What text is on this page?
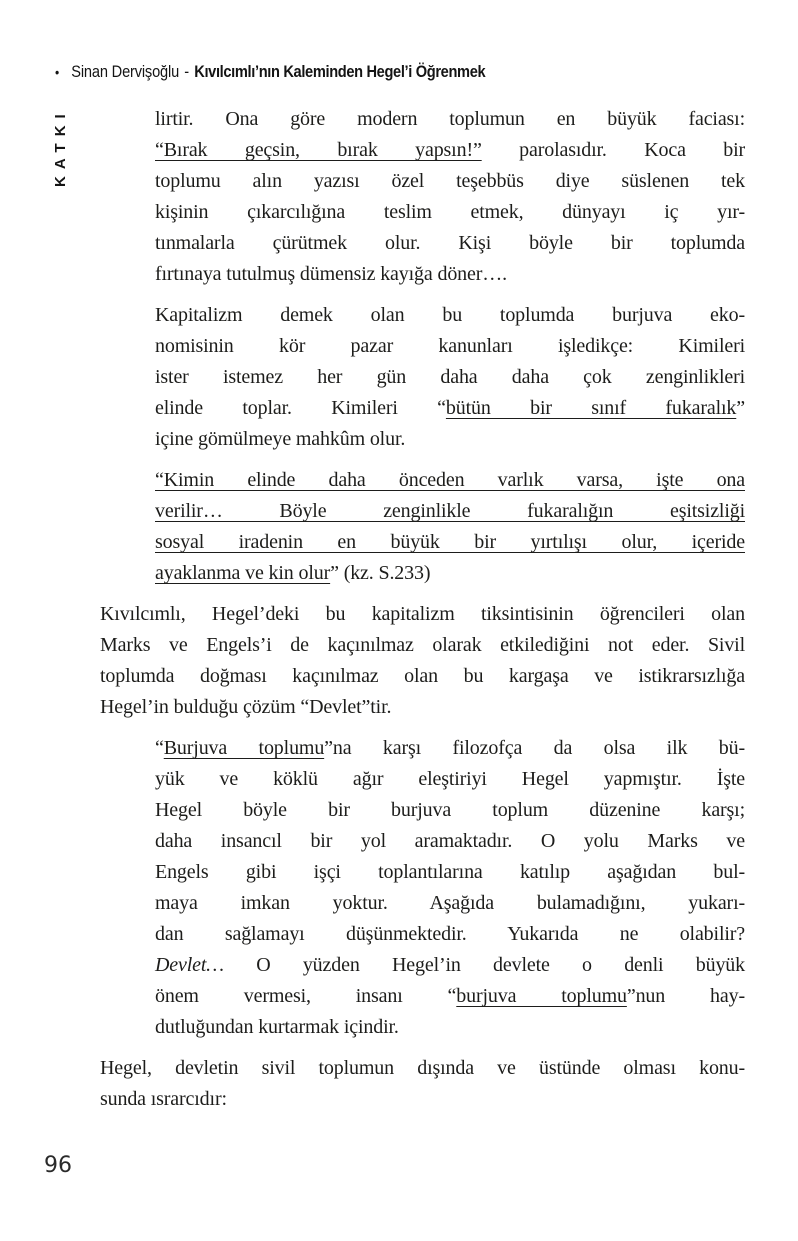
• Sinan Dervişoğlu - Kıvılcımlı’nın Kaleminden Hegel’i Öğrenmek
KATKI	lirtir. Ona göre modern toplumun en büyük faciası:
“Bırak geçsin, bırak yapsın!” parolasıdır. Koca bir
toplumu alın yazısı özel teşebbüs diye süslenen tek
kişinin çıkarcılığına teslim etmek, dünyayı iç yır-
tınmalarla çürütmek olur. Kişi böyle bir toplumda
fırtınaya tutulmuş dümensiz kayığa döner….
Kapitalizm demek olan bu toplumda burjuva eko-
nomisinin kör pazar kanunları işledikçe: Kimileri
ister istemez her gün daha daha çok zenginlikleri
elinde toplar. Kimileri “bütün bir sınıf fukaralık”
içine gömülmeye mahkûm olur.
“Kimin elinde daha önceden varlık varsa, işte ona
verilir… Böyle zenginlikle fukaralığın eşitsizliği
sosyal iradenin en büyük bir yırtılışı olur, içeride
ayaklanma ve kin olur” (kz. S.233)
Kıvılcımlı, Hegel’deki bu kapitalizm tiksintisinin öğrencileri olan
Marks ve Engels’i de kaçınılmaz olarak etkilediğini not eder. Sivil
toplumda doğması kaçınılmaz olan bu kargaşa ve istikrarsızlığa
Hegel’in bulduğu çözüm “Devlet”tir.
“Burjuva toplumu”na karşı filozofça da olsa ilk bü-
yük ve köklü ağır eleştiriyi Hegel yapmıştır. İşte
Hegel böyle bir burjuva toplum düzenine karşı;
daha insancıl bir yol aramaktadır. O yolu Marks ve
Engels gibi işçi toplantılarına katılıp aşağıdan bul-
maya imkan yoktur. Aşağıda bulamadığını, yukarı-
dan sağlamayı düşünmektedir. Yukarıda ne olabilir?
Devlet… O yüzden Hegel’in devlete o denli büyük
önem vermesi, insanı “burjuva toplumu”nun hay-
dutluğundan kurtarmak içindir.
Hegel, devletin sivil toplumun dışında ve üstünde olması konu-
sunda ısrarcıdır:
96
